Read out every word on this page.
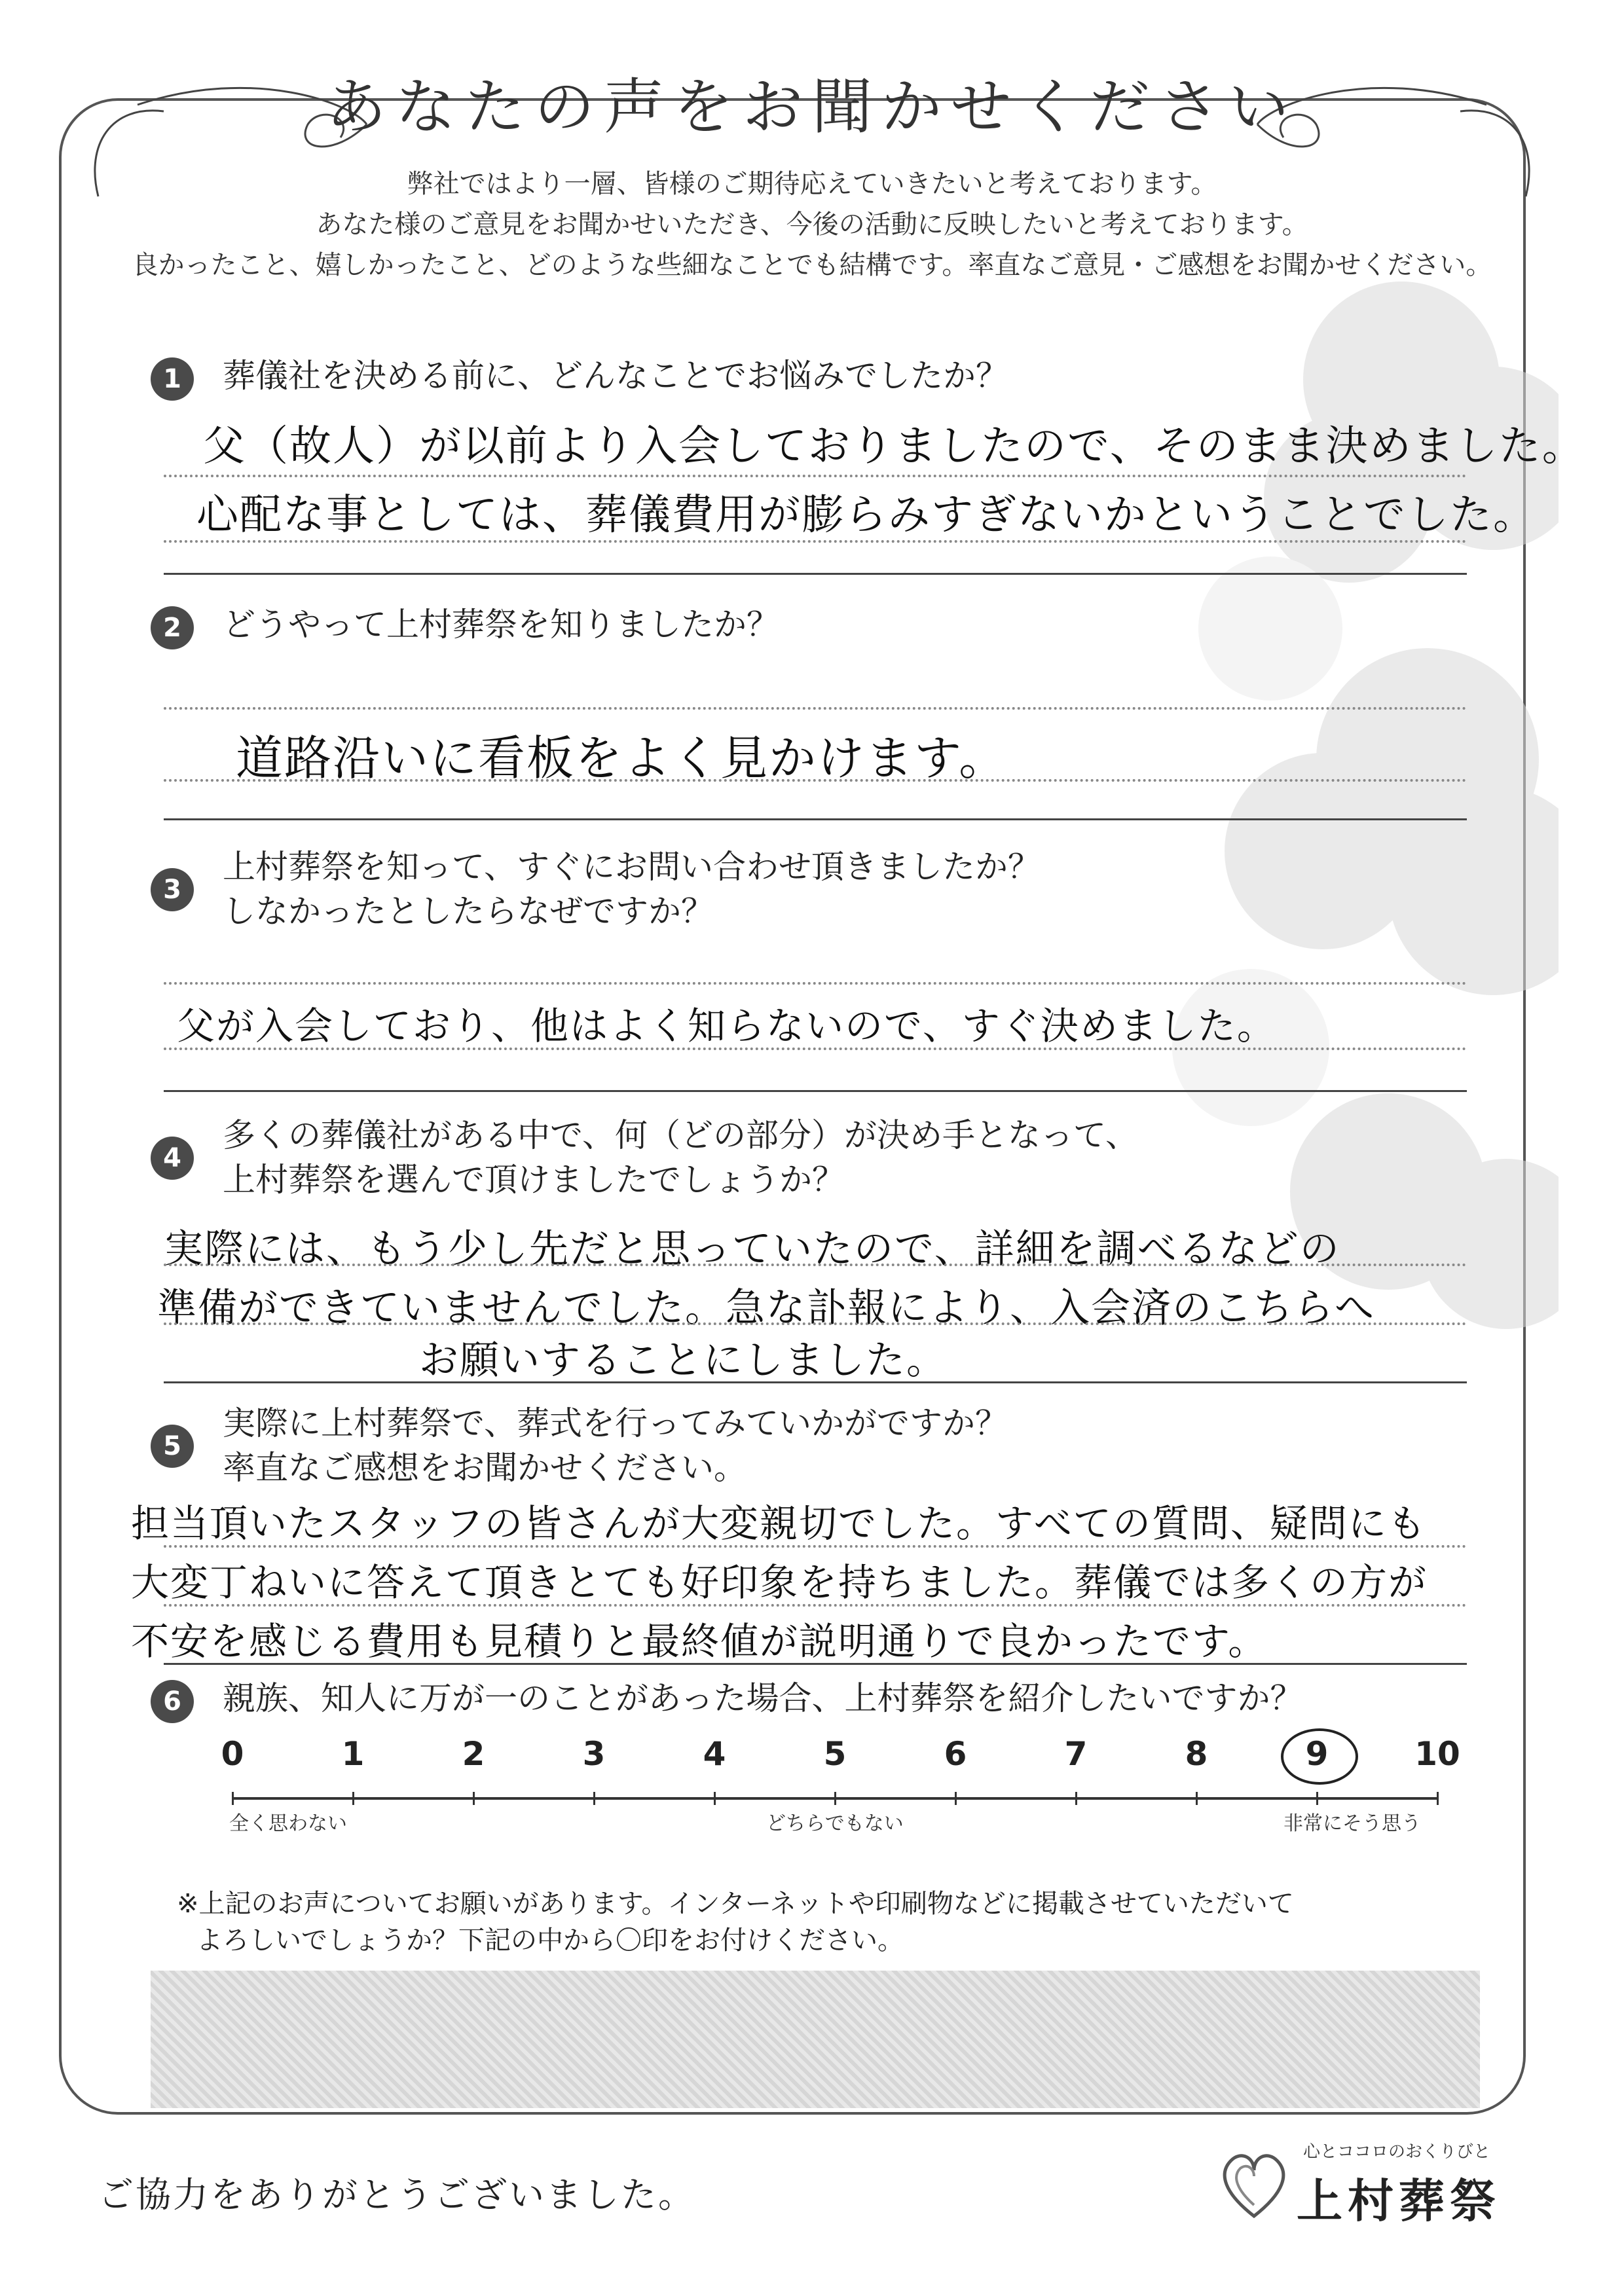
あなたの声をお聞かせください
弊社ではより一層、皆様のご期待応えていきたいと考えております。
あなた様のご意見をお聞かせいただき、今後の活動に反映したいと考えております。
良かったこと、嬉しかったこと、どのような些細なことでも結構です。率直なご意見・ご感想をお聞かせください。
1	葬儀社を決める前に、どんなことでお悩みでしたか？
父（故人）が以前より入会しておりましたので、そのまま決めました。
心配な事としては、葬儀費用が膨らみすぎないかということでした。
2	どうやって上村葬祭を知りましたか？
道路沿いに看板をよく見かけます。
3
上村葬祭を知って、すぐにお問い合わせ頂きましたか？
しなかったとしたらなぜですか？
父が入会しており、他はよく知らないので、すぐ決めました。
4
多くの葬儀社がある中で、何（どの部分）が決め手となって、
上村葬祭を選んで頂けましたでしょうか？
実際には、もう少し先だと思っていたので、詳細を調べるなどの
準備ができていませんでした。急な訃報により、入会済のこちらへ
お願いすることにしました。
5
実際に上村葬祭で、葬式を行ってみていかがですか？
率直なご感想をお聞かせください。
担当頂いたスタッフの皆さんが大変親切でした。すべての質問、疑問にも
大変丁ねいに答えて頂きとても好印象を持ちました。葬儀では多くの方が
不安を感じる費用も見積りと最終値が説明通りで良かったです。
6	親族、知人に万が一のことがあった場合、上村葬祭を紹介したいですか？
0	1	2	3	4	5	6	7	8	9	10
全く思わない	どちらでもない	非常にそう思う
※上記のお声についてお願いがあります。インターネットや印刷物などに掲載させていただいて
よろしいでしょうか？下記の中から〇印をお付けください。
ご協力をありがとうございました。
心とココロのおくりびと
上村葬祭
